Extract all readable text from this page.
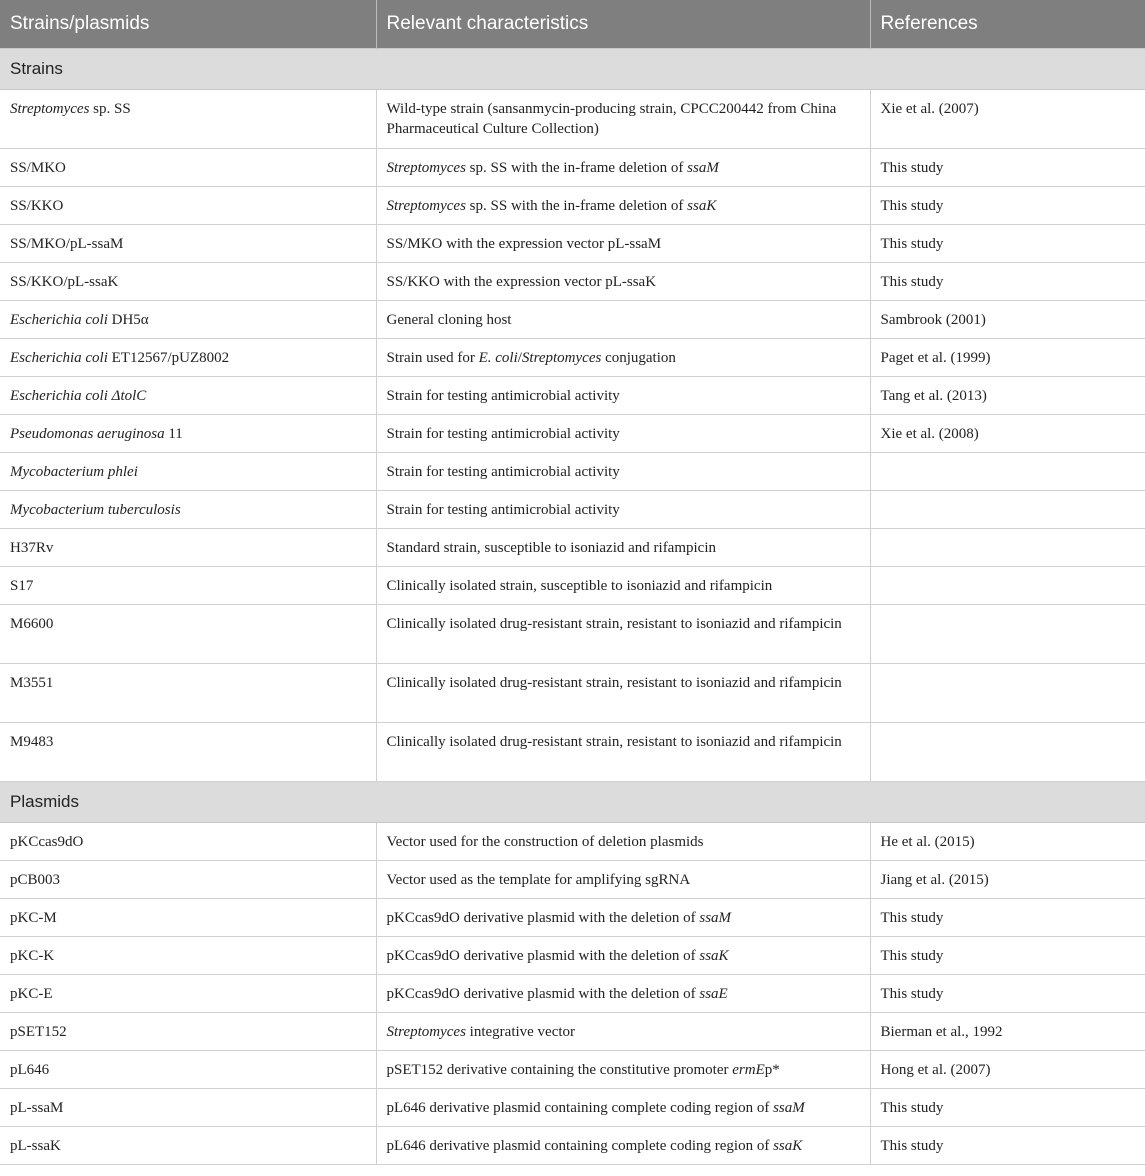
Strains/plasmids	Relevant characteristics	References
Strains		
Streptomyces sp. SS	Wild-type strain (sansanmycin-producing strain, CPCC200442 from China Pharmaceutical Culture Collection)	Xie et al. (2007)
SS/MKO	Streptomyces sp. SS with the in-frame deletion of ssaM	This study
SS/KKO	Streptomyces sp. SS with the in-frame deletion of ssaK	This study
SS/MKO/pL-ssaM	SS/MKO with the expression vector pL-ssaM	This study
SS/KKO/pL-ssaK	SS/KKO with the expression vector pL-ssaK	This study
Escherichia coli DH5α	General cloning host	Sambrook (2001)
Escherichia coli ET12567/pUZ8002	Strain used for E. coli/Streptomyces conjugation	Paget et al. (1999)
Escherichia coli ΔtolC	Strain for testing antimicrobial activity	Tang et al. (2013)
Pseudomonas aeruginosa 11	Strain for testing antimicrobial activity	Xie et al. (2008)
Mycobacterium phlei	Strain for testing antimicrobial activity	
Mycobacterium tuberculosis	Strain for testing antimicrobial activity	
H37Rv	Standard strain, susceptible to isoniazid and rifampicin	
S17	Clinically isolated strain, susceptible to isoniazid and rifampicin	
M6600	Clinically isolated drug-resistant strain, resistant to isoniazid and rifampicin	
M3551	Clinically isolated drug-resistant strain, resistant to isoniazid and rifampicin	
M9483	Clinically isolated drug-resistant strain, resistant to isoniazid and rifampicin	
Plasmids		
pKCcas9dO	Vector used for the construction of deletion plasmids	He et al. (2015)
pCB003	Vector used as the template for amplifying sgRNA	Jiang et al. (2015)
pKC-M	pKCcas9dO derivative plasmid with the deletion of ssaM	This study
pKC-K	pKCcas9dO derivative plasmid with the deletion of ssaK	This study
pKC-E	pKCcas9dO derivative plasmid with the deletion of ssaE	This study
pSET152	Streptomyces integrative vector	Bierman et al., 1992
pL646	pSET152 derivative containing the constitutive promoter ermEp*	Hong et al. (2007)
pL-ssaM	pL646 derivative plasmid containing complete coding region of ssaM	This study
pL-ssaK	pL646 derivative plasmid containing complete coding region of ssaK	This study
